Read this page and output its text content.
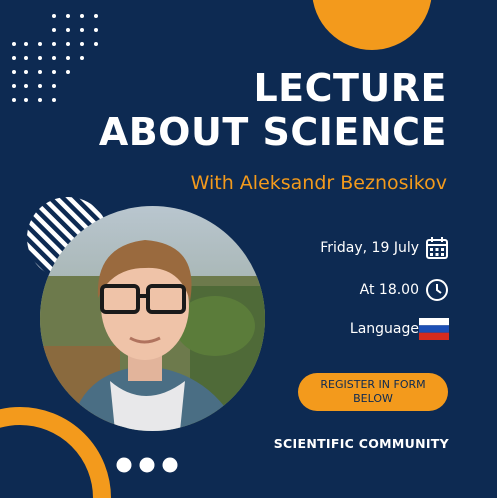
LECTURE
ABOUT SCIENCE
With Aleksandr Beznosikov
Friday, 19 July
At 18.00
Language
REGISTER IN FORM
BELOW
SCIENTIFIC COMMUNITY
